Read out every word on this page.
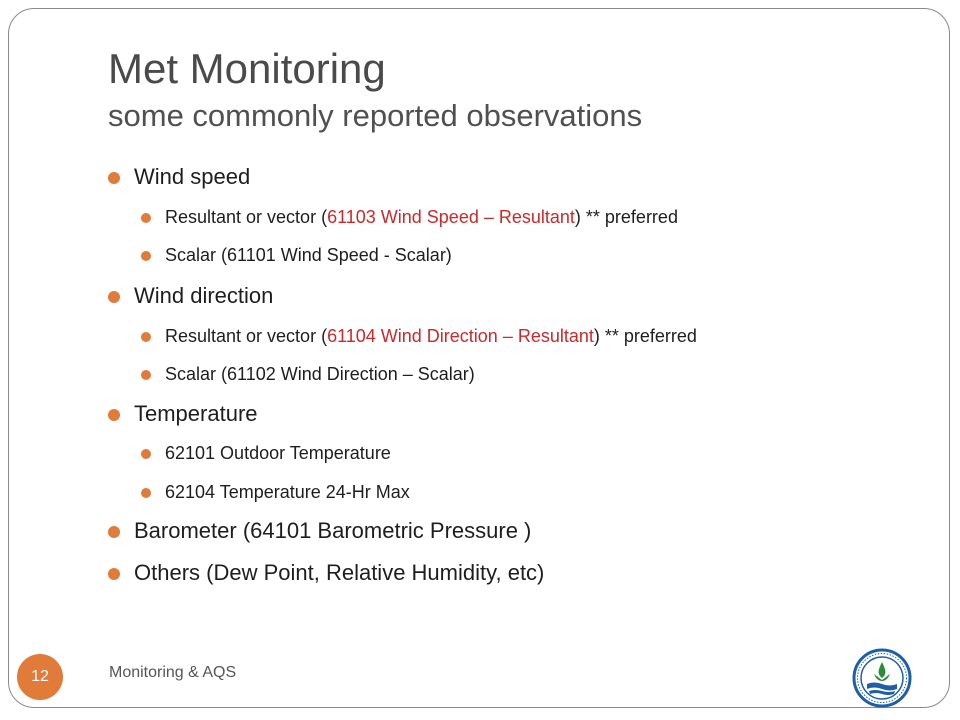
Met Monitoring
some commonly reported observations
Wind speed
Resultant or vector (61103 Wind Speed – Resultant) ** preferred
Scalar (61101 Wind Speed - Scalar)
Wind direction
Resultant or vector (61104 Wind Direction – Resultant) ** preferred
Scalar (61102 Wind Direction – Scalar)
Temperature
62101 Outdoor Temperature
62104 Temperature 24-Hr Max
Barometer (64101 Barometric Pressure )
Others (Dew Point, Relative Humidity, etc)
12	Monitoring & AQS
